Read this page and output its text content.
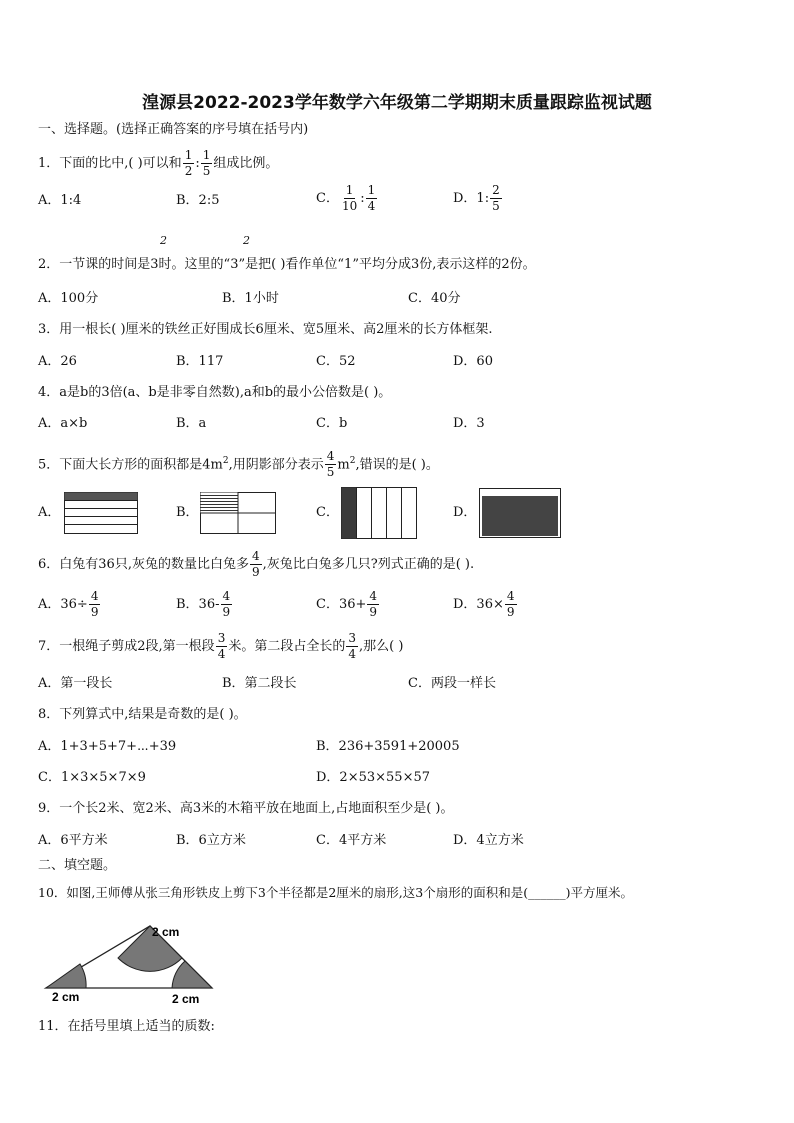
湟源县2022-2023学年数学六年级第二学期期末质量跟踪监视试题
一、选择题。(选择正确答案的序号填在括号内)
1．下面的比中,( )可以和 $\frac{1}{2}$ : $\frac{1}{5}$ 组成比例。
A．1:4	B．2:5	C． $\frac{1}{10}$ : $\frac{1}{4}$	D．1: $\frac{2}{5}$
2	2
2．一节课的时间是3时。这里的“3”是把( )看作单位“1”平均分成3份,表示这样的2份。
A．100分	B．1小时	C．40分
3．用一根长( )厘米的铁丝正好围成长6厘米、宽5厘米、高2厘米的长方体框架.
A．26	B．117	C．52	D．60
4．a是b的3倍(a、b是非零自然数),a和b的最小公倍数是( )。
A．a×b	B．a	C．b	D．3
5．下面大长方形的面积都是$4m^2$,用阴影部分表示 $\frac{4}{5} m^2$,错误的是( )。
A．	B．	C．	D．
6．白兔有36只,灰兔的数量比白兔多 $\frac{4}{9}$ ,灰兔比白兔多几只?列式正确的是( ).
A．$36\div \frac{4}{9}$	B．$36- \frac{4}{9}$	C．$36+ \frac{4}{9}$	D．$36\times \frac{4}{9}$
7．一根绳子剪成2段,第一根段 $\frac{3}{4}$ 米。第二段占全长的 $\frac{3}{4}$ ,那么( )
A．第一段长	B．第二段长	C．两段一样长
8．下列算式中,结果是奇数的是( )。
A．1+3+5+7+⋯+39	B．236+3591+20005
C．1×3×5×7×9	D．2×53×55×57
9．一个长2米、宽2米、高3米的木箱平放在地面上,占地面积至少是( )。
A．6平方米	B．6立方米	C．4平方米	D．4立方米
二、填空题。
10．如图,王师傅从张三角形铁皮上剪下3个半径都是2厘米的扇形,这3个扇形的面积和是(______)平方厘米。
2 cm
2 cm	2 cm
11．在括号里填上适当的质数:
